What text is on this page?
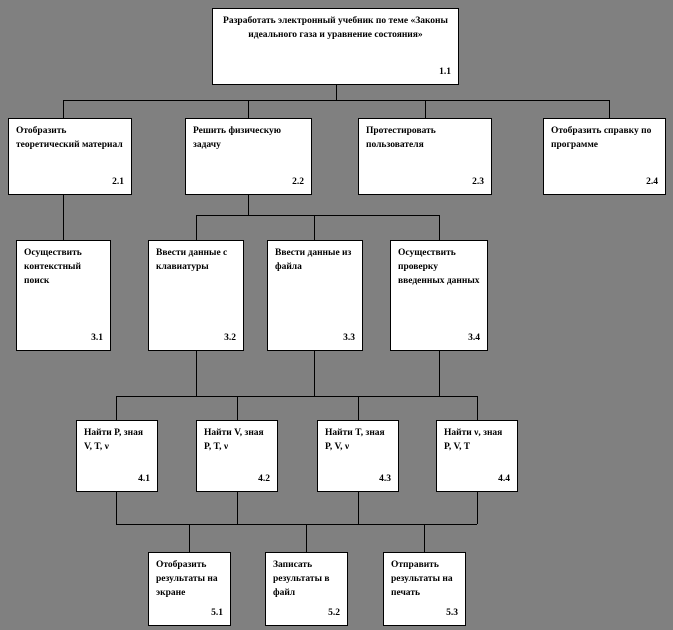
Разработать электронный учебник по теме «Законы идеального газа и уравнение состояния»
1.1
Отобразить теоретический материал
2.1
Решить физическую задачу
2.2
Протестировать пользователя
2.3
Отобразить справку по программе
2.4
Осуществить контекстный поиск
3.1
Ввести данные с клавиатуры
3.2
Ввести данные из файла
3.3
Осуществить проверку введенных данных
3.4
Найти P, зная V, T, ν
4.1
Найти V, зная P, T, ν
4.2
Найти T, зная P, V, ν
4.3
Найти ν, зная P, V, T
4.4
Отобразить результаты на экране
5.1
Записать результаты в файл
5.2
Отправить результаты на печать
5.3
